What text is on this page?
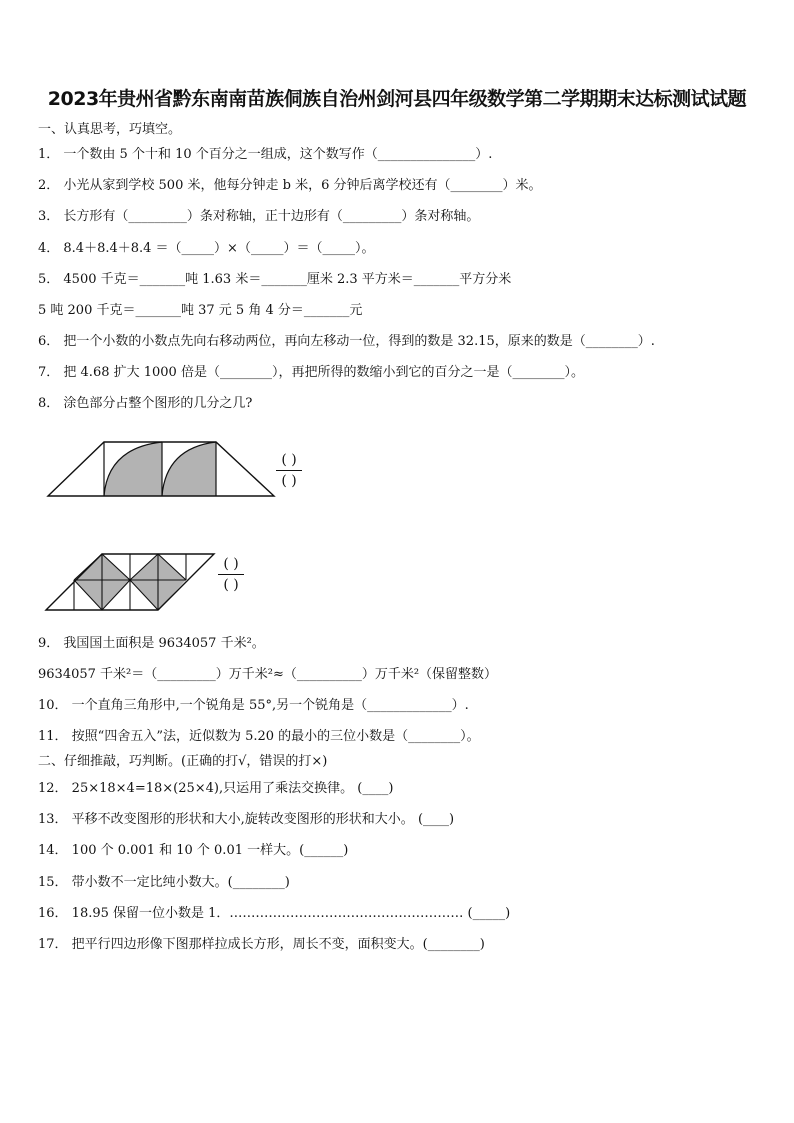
2023年贵州省黔东南南苗族侗族自治州剑河县四年级数学第二学期期末达标测试试题
一、认真思考，巧填空。
1． 一个数由 5 个十和 10 个百分之一组成，这个数写作（_______________）.
2． 小光从家到学校 500 米，他每分钟走 b 米，6 分钟后离学校还有（________）米。
3． 长方形有（_________）条对称轴，正十边形有（_________）条对称轴。
4． 8.4＋8.4＋8.4 ＝（_____）×（_____）＝（_____）。
5． 4500 千克＝_______吨 1.63 米＝_______厘米 2.3 平方米＝_______平方分米
5 吨 200 千克＝_______吨 37 元 5 角 4 分＝_______元
6． 把一个小数的小数点先向右移动两位，再向左移动一位，得到的数是 32.15，原来的数是（________）.
7． 把 4.68 扩大 1000 倍是（________），再把所得的数缩小到它的百分之一是（________）。
8． 涂色部分占整个图形的几分之几?
( )
( )
( )
( )
9． 我国国土面积是 9634057 千米²。
9634057 千米²＝（_________）万千米²≈（__________）万千米²（保留整数）
10． 一个直角三角形中,一个锐角是 55°,另一个锐角是（_____________）.
11． 按照“四舍五入”法，近似数为 5.20 的最小的三位小数是（________）。
二、仔细推敲，巧判断。(正确的打√，错误的打×)
12． 25×18×4=18×(25×4),只运用了乘法交换律。 (____)
13． 平移不改变图形的形状和大小,旋转改变图形的形状和大小。 (____)
14． 100 个 0.001 和 10 个 0.01 一样大。(______)
15． 带小数不一定比纯小数大。(________)
16． 18.95 保留一位小数是 1．……………………………………………… (_____)
17． 把平行四边形像下图那样拉成长方形，周长不变，面积变大。(________)
